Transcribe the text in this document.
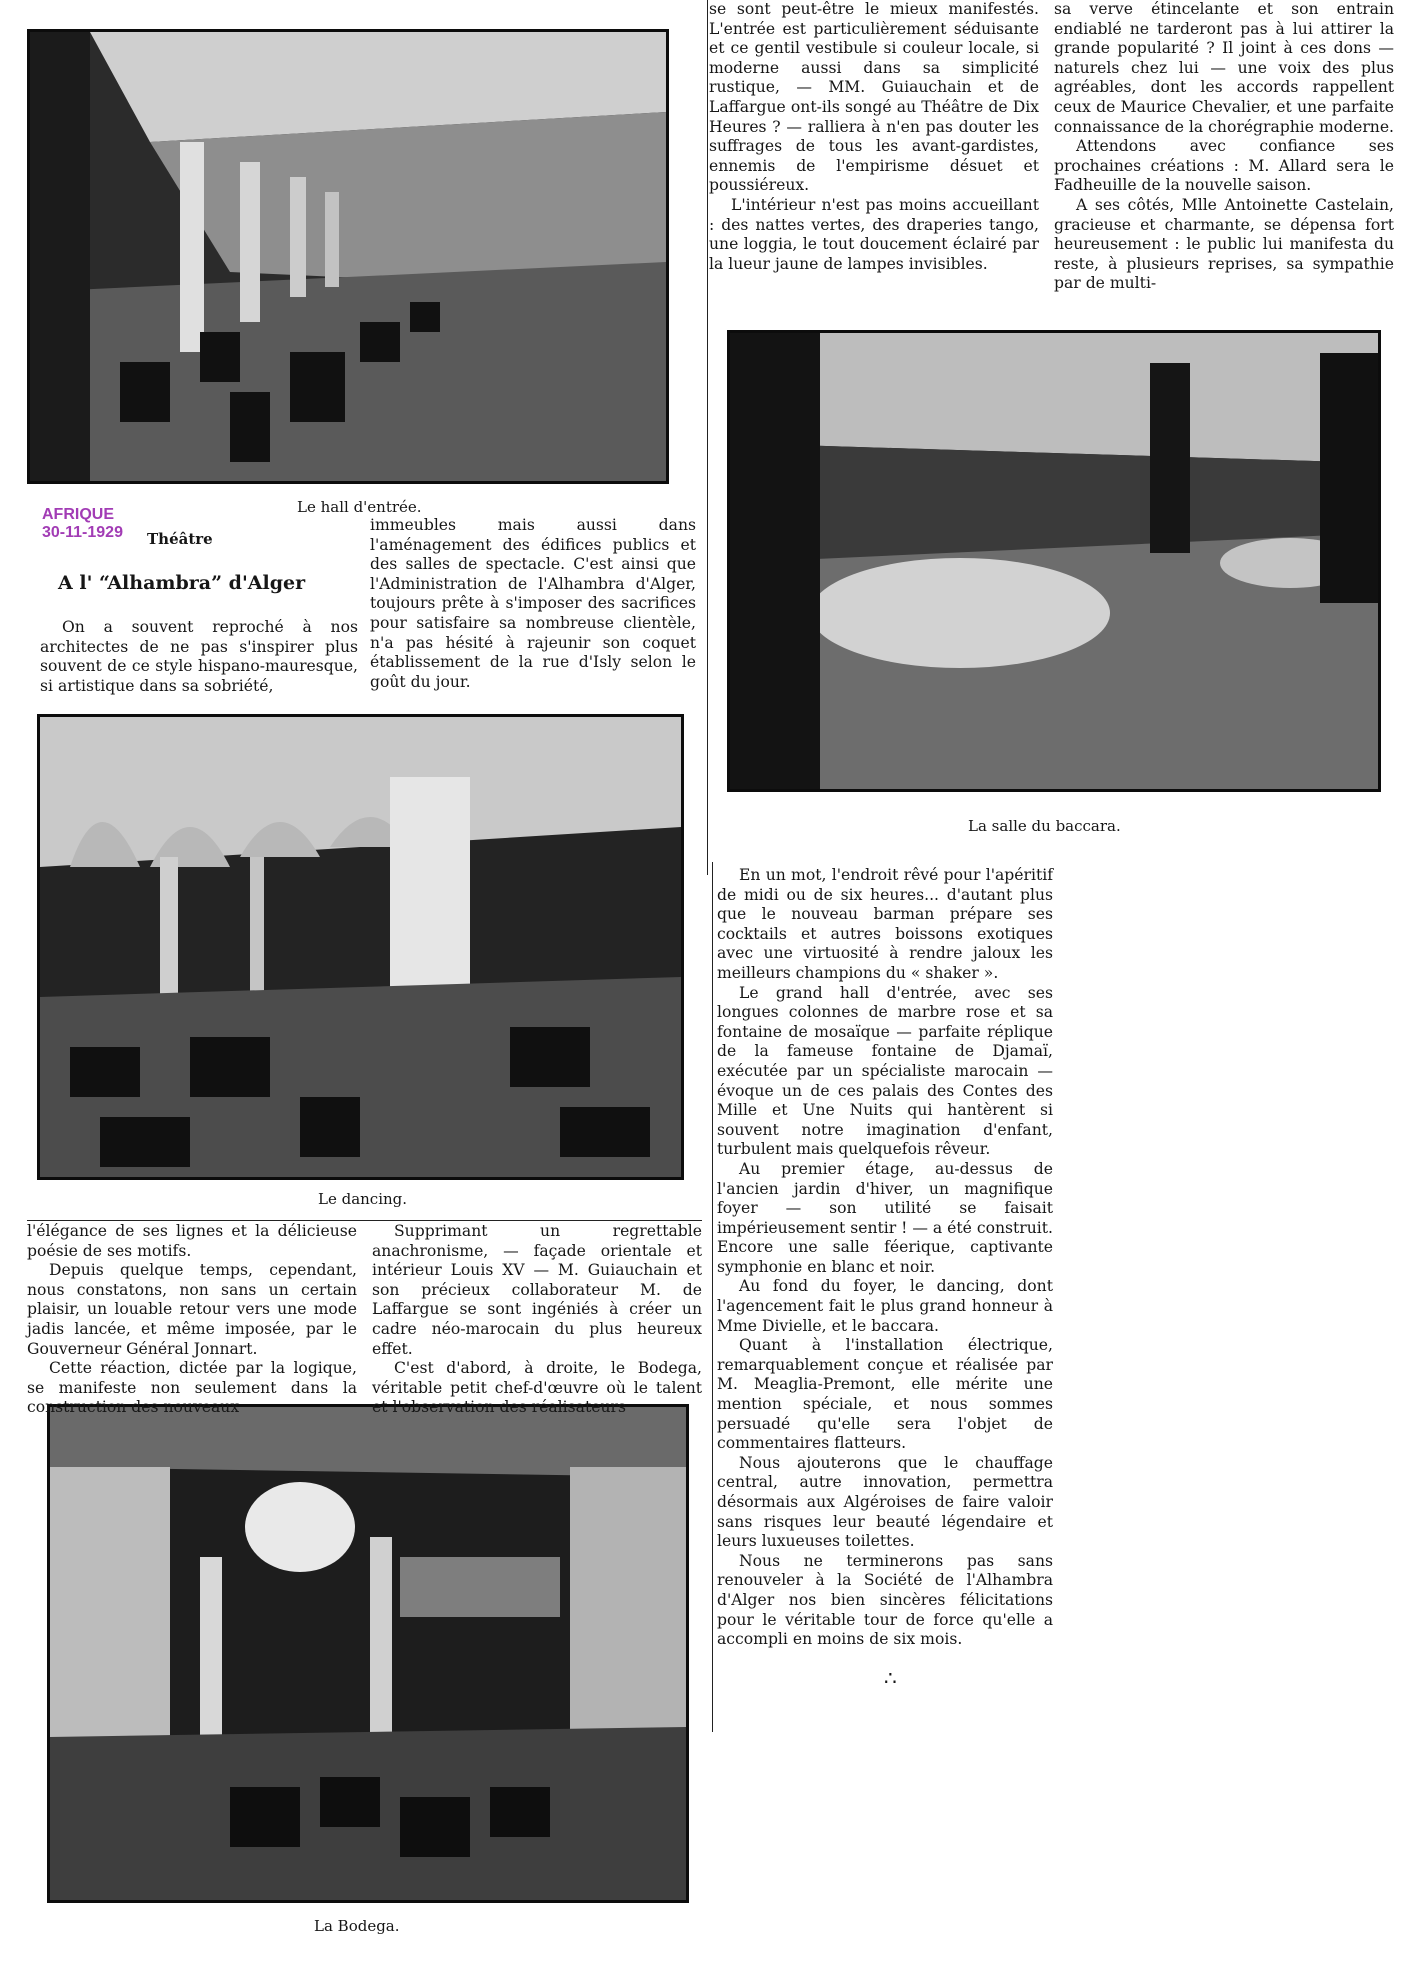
Le hall d'entrée.
La salle du baccara.
Le dancing.
La Bodega.
AFRIQUE
30-11-1929 Théâtre
A l' “Alhambra” d'Alger

On a souvent reproché à nos architectes de ne pas s'inspirer plus souvent de ce style hispano-mauresque, si artistique dans sa sobriété,

immeubles mais aussi dans l'aménagement des édifices publics et des salles de spectacle. C'est ainsi que l'Administration de l'Alhambra d'Alger, toujours prête à s'imposer des sacrifices pour satisfaire sa nombreuse clientèle, n'a pas hésité à rajeunir son coquet établissement de la rue d'Isly selon le goût du jour.

se sont peut-être le mieux manifestés. L'entrée est particulièrement séduisante et ce gentil vestibule si couleur locale, si moderne aussi dans sa simplicité rustique, — MM. Guiauchain et de Laffargue ont-ils songé au Théâtre de Dix Heures ? — ralliera à n'en pas douter les suffrages de tous les avant-gardistes, ennemis de l'empirisme désuet et poussiéreux.

L'intérieur n'est pas moins accueillant : des nattes vertes, des draperies tango, une loggia, le tout doucement éclairé par la lueur jaune de lampes invisibles.

sa verve étincelante et son entrain endiablé ne tarderont pas à lui attirer la grande popularité ? Il joint à ces dons — naturels chez lui — une voix des plus agréables, dont les accords rappellent ceux de Maurice Chevalier, et une parfaite connaissance de la chorégraphie moderne.

Attendons avec confiance ses prochaines créations : M. Allard sera le Fadheuille de la nouvelle saison.

A ses côtés, Mlle Antoinette Castelain, gracieuse et charmante, se dépensa fort heureusement : le public lui manifesta du reste, à plusieurs reprises, sa sympathie par de multi-

l'élégance de ses lignes et la délicieuse poésie de ses motifs.

Depuis quelque temps, cependant, nous constatons, non sans un certain plaisir, un louable retour vers une mode jadis lancée, et même imposée, par le Gouverneur Général Jonnart.

Cette réaction, dictée par la logique, se manifeste non seulement dans la construction des nouveaux

Supprimant un regrettable anachronisme, — façade orientale et intérieur Louis XV — M. Guiauchain et son précieux collaborateur M. de Laffargue se sont ingéniés à créer un cadre néo-marocain du plus heureux effet.

C'est d'abord, à droite, le Bodega, véritable petit chef-d'œuvre où le talent et l'observation des réalisateurs

En un mot, l'endroit rêvé pour l'apéritif de midi ou de six heures... d'autant plus que le nouveau barman prépare ses cocktails et autres boissons exotiques avec une virtuosité à rendre jaloux les meilleurs champions du « shaker ».

Le grand hall d'entrée, avec ses longues colonnes de marbre rose et sa fontaine de mosaïque — parfaite réplique de la fameuse fontaine de Djamaï, exécutée par un spécialiste marocain — évoque un de ces palais des Contes des Mille et Une Nuits qui hantèrent si souvent notre imagination d'enfant, turbulent mais quelquefois rêveur.

Au premier étage, au-dessus de l'ancien jardin d'hiver, un magnifique foyer — son utilité se faisait impérieusement sentir ! — a été construit. Encore une salle féerique, captivante symphonie en blanc et noir.

Au fond du foyer, le dancing, dont l'agencement fait le plus grand honneur à Mme Divielle, et le baccara.

Quant à l'installation électrique, remarquablement conçue et réalisée par M. Meaglia-Premont, elle mérite une mention spéciale, et nous sommes persuadé qu'elle sera l'objet de commentaires flatteurs.

Nous ajouterons que le chauffage central, autre innovation, permettra désormais aux Algéroises de faire valoir sans risques leur beauté légendaire et leurs luxueuses toilettes.

Nous ne terminerons pas sans renouveler à la Société de l'Alhambra d'Alger nos bien sincères félicitations pour le véritable tour de force qu'elle a accompli en moins de six mois.

∴
